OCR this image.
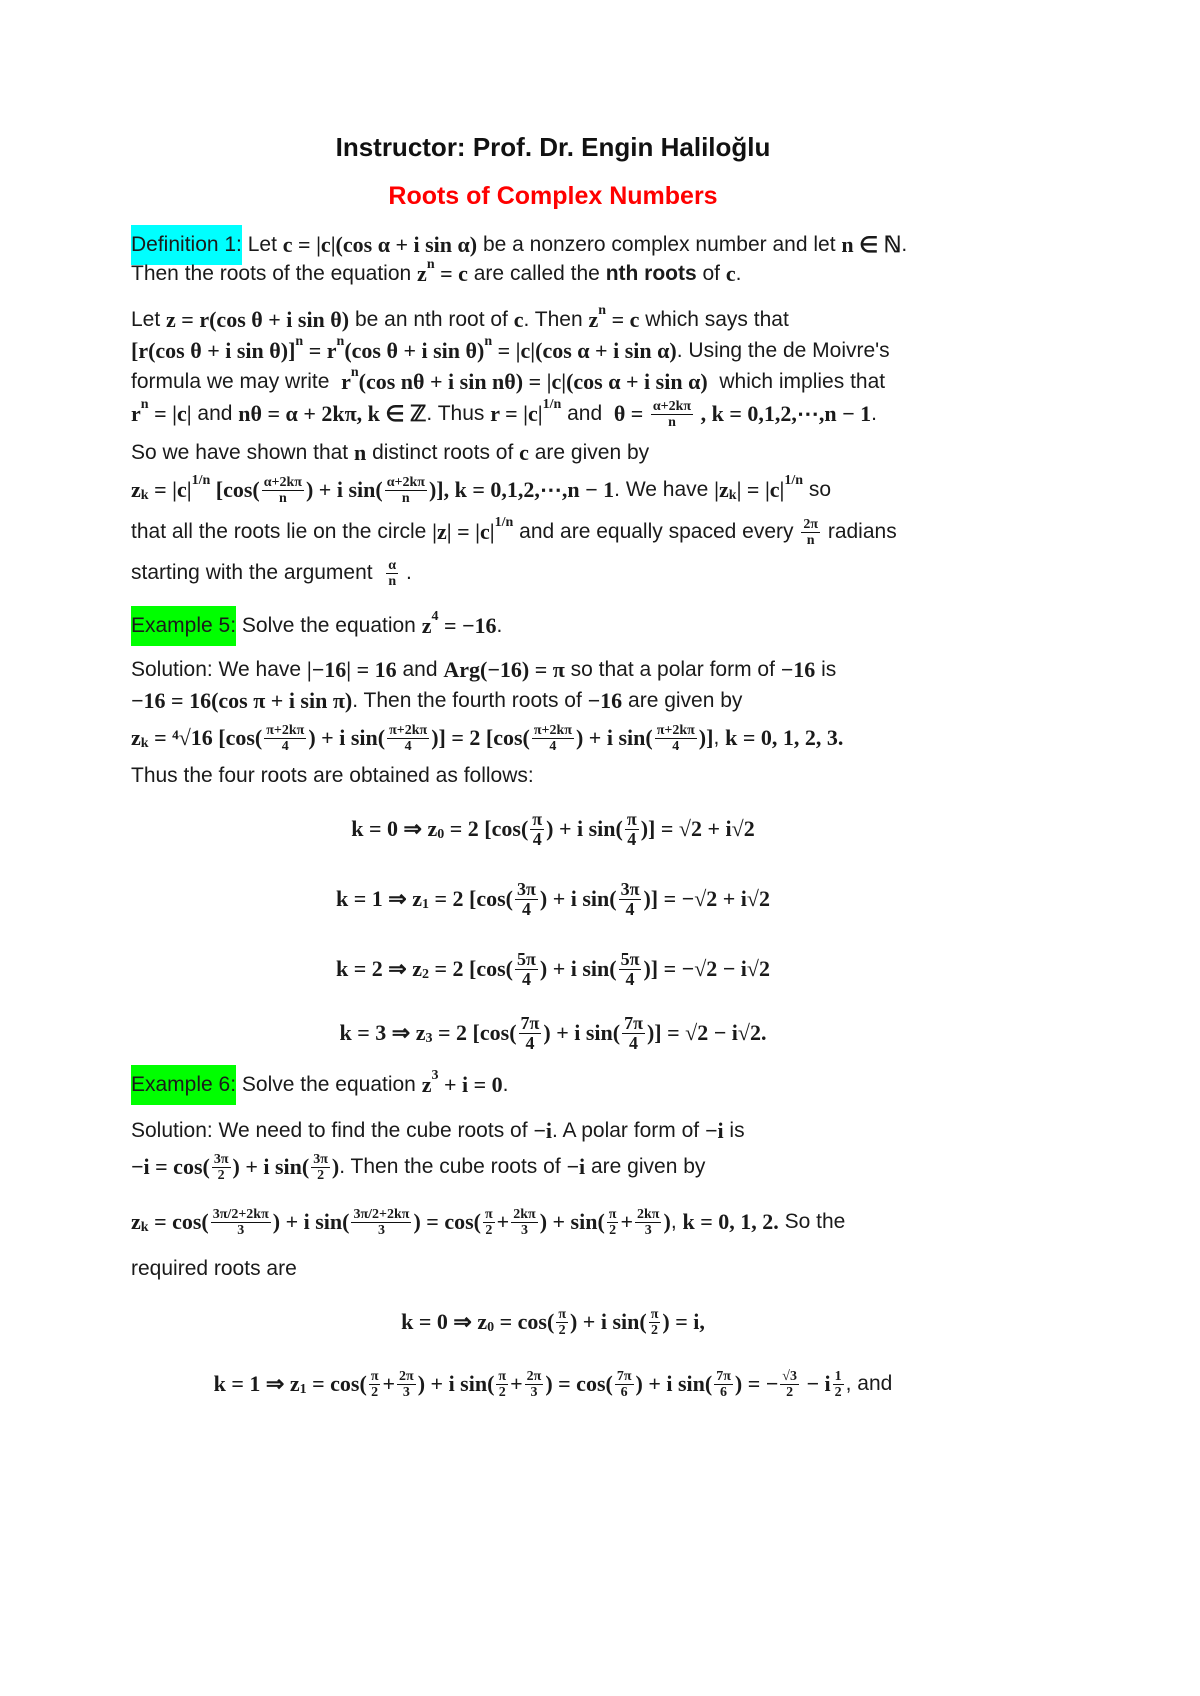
Instructor: Prof. Dr. Engin Haliloğlu
Roots of Complex Numbers
Definition 1: Let c = |c|(cos α + i sin α) be a nonzero complex number and let n ∈ ℕ .
Then the roots of the equation z n = c are called the nth roots of c .
Let z = r(cos θ + i sin θ) be an nth root of c . Then z n = c which says that
[r(cos θ + i sin θ)] n = r n (cos θ + i sin θ) n = |c|(cos α + i sin α) . Using the de Moivre's
formula we may write r n (cos nθ + i sin nθ) = |c|(cos α + i sin α) which implies that
r n = |c| and nθ = α + 2kπ, k ∈ ℤ . Thus r = |c| 1/n and $\theta = \frac{\alpha+2k\pi}{n}$ , k = 0,1,2,⋯,n − 1 .
So we have shown that n distinct roots of c are given by
z k = |c| 1/n [$\cos( \frac{\alpha+2k\pi}{n}$ ) + i $\sin( \frac{\alpha+2k\pi}{n}$ )], k = 0,1,2,⋯,n − 1 . We have |z k | = |c| 1/n so
that all the roots lie on the circle |z| = |c| 1/n and are equally spaced every $\frac{2\pi}{n}$ radians
starting with the argument $\frac{\alpha}{n}$ .
Example 5: Solve the equation z 4 = −16 .
Solution: We have |−16| = 16 and Arg(−16) = π so that a polar form of −16 is
−16 = 16(cos π + i sin π) . Then the fourth roots of −16 are given by
z k = ⁴√16 [$\cos( \frac{\pi+2k\pi}{4}$ ) + i $\sin( \frac{\pi+2k\pi}{4}$ )] = 2 [$\cos( \frac{\pi+2k\pi}{4}$ ) + i $\sin( \frac{\pi+2k\pi}{4}$ )] , k = 0, 1, 2, 3.
Thus the four roots are obtained as follows:
k = 0 ⇒ z 0 = 2 [$\cos( \frac{\pi}{4}$ ) + i $\sin( \frac{\pi}{4}$ )] = √2 + i√2
k = 1 ⇒ z 1 = 2 [$\cos( \frac{3\pi}{4}$ ) + i $\sin( \frac{3\pi}{4}$ )] = −√2 + i√2
k = 2 ⇒ z 2 = 2 [$\cos( \frac{5\pi}{4}$ ) + i $\sin( \frac{5\pi}{4}$ )] = −√2 − i√2
k = 3 ⇒ z 3 = 2 [$\cos( \frac{7\pi}{4}$ ) + i $\sin( \frac{7\pi}{4}$ )] = √2 − i√2.
Example 6: Solve the equation z 3 + i = 0 .
Solution: We need to find the cube roots of −i . A polar form of −i is
$-i = \cos( \frac{3\pi}{2}$ ) + i $\sin( \frac{3\pi}{2}$ ) . Then the cube roots of −i are given by
z $k = \cos( \frac{3\pi/2+2k\pi}{3}$ ) + i $\sin( \frac{3\pi/2+2k\pi}{3}$ ) = $\cos( \frac{\pi}{2} + \frac{2k\pi}{3}$ ) + $\sin( \frac{\pi}{2} + \frac{2k\pi}{3}$ ) , k = 0, 1, 2. So the
required roots are
k = 0 ⇒ z $0 = \cos( \frac{\pi}{2}$ ) + i $\sin( \frac{\pi}{2}$ ) = i,
k = 1 ⇒ z $1 = \cos( \frac{\pi}{2} + \frac{2\pi}{3}$ ) + i $\sin( \frac{\pi}{2} + \frac{2\pi}{3}$ ) = $\cos( \frac{7\pi}{6}$ ) + i $\sin( \frac{7\pi}{6}$ ) = − $\frac{√3}{2} - i \frac{1}{2}$ , and
